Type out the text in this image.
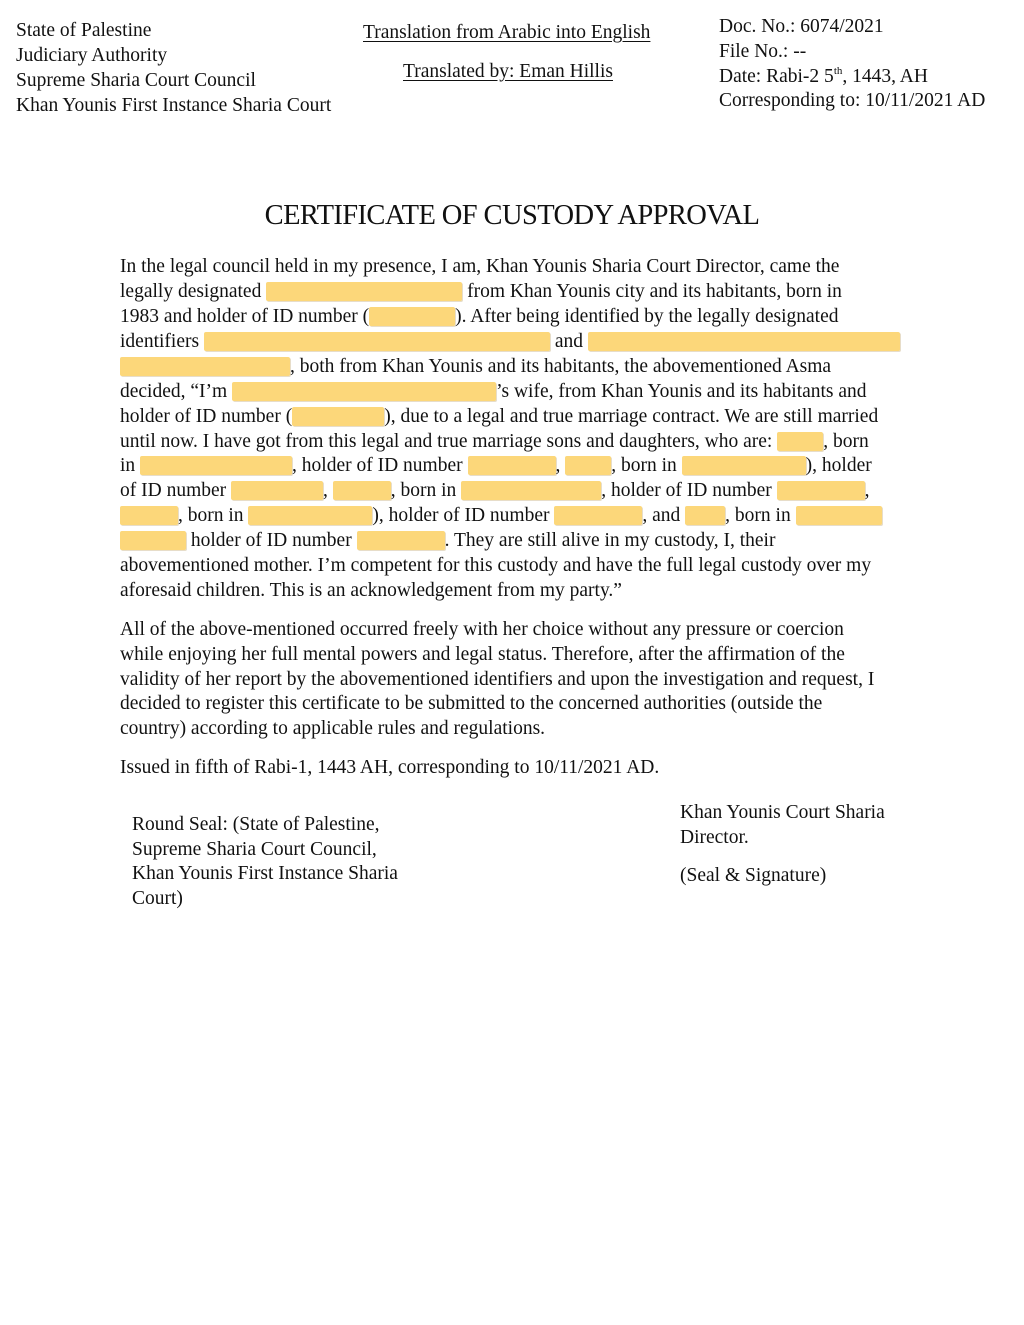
State of Palestine
Judiciary Authority
Supreme Sharia Court Council
Khan Younis First Instance Sharia Court
Translation from Arabic into English
Translated by: Eman Hillis
Doc. No.: 6074/2021
File No.: --
Date: Rabi-2 5th, 1443, AH
Corresponding to: 10/11/2021 AD
CERTIFICATE OF CUSTODY APPROVAL
In the legal council held in my presence, I am, Khan Younis Sharia Court Director, came the
legally designated	from Khan Younis city and its habitants, born in
1983 and holder of ID number (	). After being identified by the legally designated
identifiers	and
, both from Khan Younis and its habitants, the abovementioned Asma
decided, “I’m	’s wife, from Khan Younis and its habitants and
holder of ID number (	), due to a legal and true marriage contract. We are still married
until now. I have got from this legal and true marriage sons and daughters, who are: , born
in	, holder of ID number	, , born in	), holder
of ID number	,	, born in	, holder of ID number	,
, born in	), holder of ID number	, and , born in
holder of ID number	. They are still alive in my custody, I, their
abovementioned mother. I’m competent for this custody and have the full legal custody over my
aforesaid children. This is an acknowledgement from my party.”
All of the above-mentioned occurred freely with her choice without any pressure or coercion
while enjoying her full mental powers and legal status. Therefore, after the affirmation of the
validity of her report by the abovementioned identifiers and upon the investigation and request, I
decided to register this certificate to be submitted to the concerned authorities (outside the
country) according to applicable rules and regulations.
Issued in fifth of Rabi-1, 1443 AH, corresponding to 10/11/2021 AD.
Round Seal: (State of Palestine,
Supreme Sharia Court Council,
Khan Younis First Instance Sharia
Court)
Khan Younis Court Sharia
Director.
(Seal & Signature)
